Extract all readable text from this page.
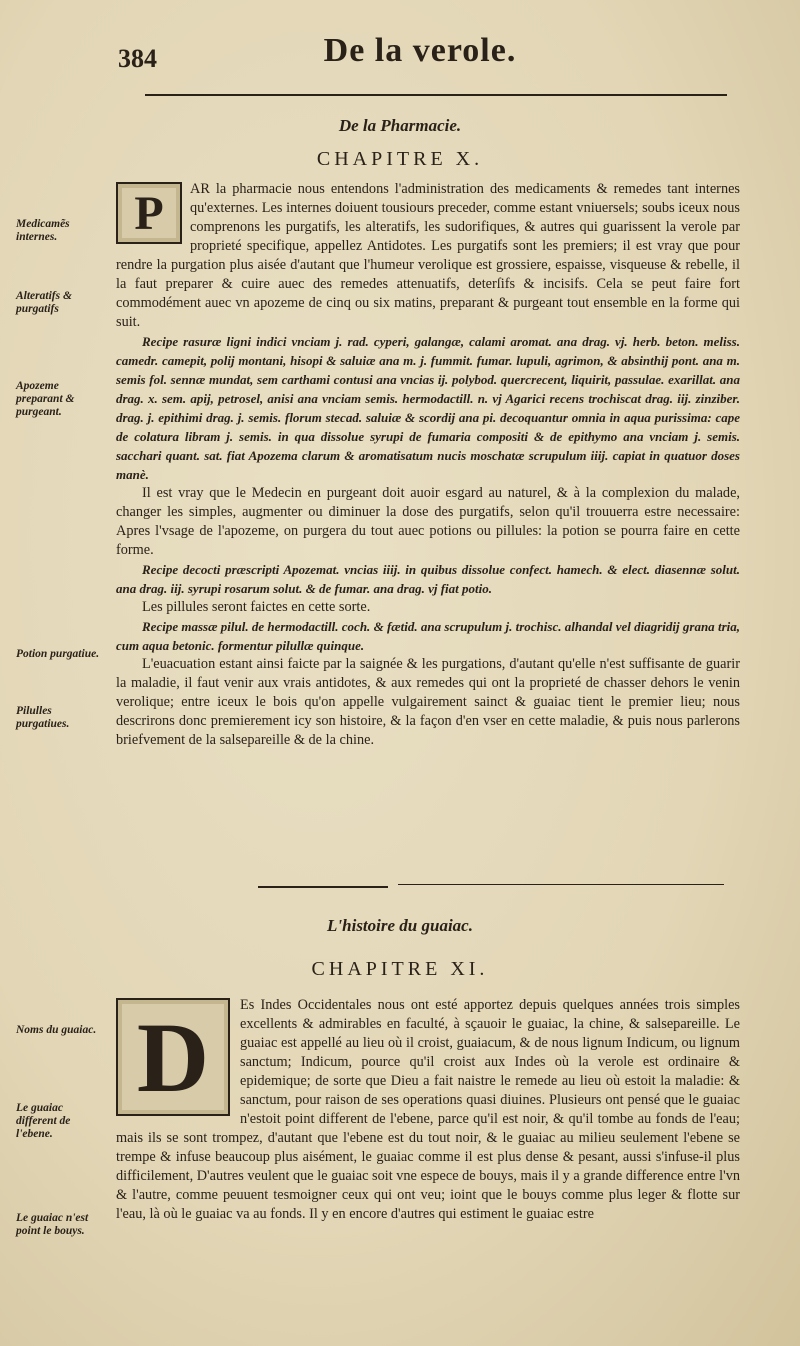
384	De la verole.
De la Pharmacie.
CHAPITRE X.
Medicamẽs internes.
Alteratifs & purgatifs
Apozeme preparant & purgeant.
Potion purgatiue.
Pilulles purgatiues.

P	AR la pharmacie nous entendons l'administration des medicaments & remedes tant internes qu'externes. Les internes doiuent tousiours preceder, comme estant vniuersels; soubs iceux nous comprenons les purgatifs, les alteratifs, les sudorifiques, & autres qui guarissent la verole par proprieté specifique, appellez Antidotes. Les purgatifs sont les premiers; il est vray que pour rendre la purgation plus aisée d'autant que l'humeur verolique est grossiere, espaisse, visqueuse & rebelle, il la faut preparer & cuire auec des remedes attenuatifs, deterſifs & incisifs. Cela se peut faire fort commodément auec vn apozeme de cinq ou six matins, preparant & purgeant tout ensemble en la forme qui suit.

Recipe rasuræ ligni indici vnciam j. rad. cyperi, galangæ, calami aromat. ana drag. vj. herb. beton. meliss. camedr. camepit, polij montani, hisopi & saluiæ ana m. j. fummit. fumar. lupuli, agrimon, & absinthij pont. ana m. semis fol. sennæ mundat, sem carthami contusi ana vncias ij. polybod. quercrecent, liquirit, passulae. exarillat. ana drag. x. sem. apij, petrosel, anisi ana vnciam semis. hermodactill. n. vj Agarici recens trochiscat drag. iij. zinziber. drag. j. epithimi drag. j. semis. florum stecad. saluiæ & scordij ana pi. decoquantur omnia in aqua purissima: cape de colatura libram j. semis. in qua dissolue syrupi de fumaria compositi & de epithymo ana vnciam j. semis. sacchari quant. sat. fiat Apozema clarum & aromatisatum nucis moschatæ scrupulum iiij. capiat in quatuor doses manè.

Il est vray que le Medecin en purgeant doit auoir esgard au naturel, & à la complexion du malade, changer les simples, augmenter ou diminuer la dose des purgatifs, selon qu'il trouuerra estre necessaire: Apres l'vsage de l'apozeme, on purgera du tout auec potions ou pillules: la potion se pourra faire en cette forme.

Recipe decocti præscripti Apozemat. vncias iiij. in quibus dissolue confect. hamech. & elect. diasennæ solut. ana drag. iij. syrupi rosarum solut. & de fumar. ana drag. vj fiat potio.

Les pillules seront faictes en cette sorte.

Recipe massæ pilul. de hermodactill. coch. & fætid. ana scrupulum j. trochisc. alhandal vel diagridij grana tria, cum aqua betonic. formentur pilullæ quinque.

L'euacuation estant ainsi faicte par la saignée & les purgations, d'autant qu'elle n'est suffisante de guarir la maladie, il faut venir aux vrais antidotes, & aux remedes qui ont la proprieté de chasser dehors le venin verolique; entre iceux le bois qu'on appelle vulgairement sainct & guaiac tient le premier lieu; nous descrirons donc premierement icy son histoire, & la façon d'en vser en cette maladie, & puis nous parlerons briefvement de la salsepareille & de la chine.

L'histoire du guaiac.
CHAPITRE XI.
Noms du guaiac.
Le guaiac different de l'ebene.
Le guaiac n'est point le bouys.

D	Es Indes Occidentales nous ont esté apportez depuis quelques années trois simples excellents & admirables en faculté, à sçauoir le guaiac, la chine, & salsepareille. Le guaiac est appellé au lieu où il croist, guaiacum, & de nous lignum Indicum, ou lignum sanctum; Indicum, pource qu'il croist aux Indes où la verole est ordinaire & epidemique; de sorte que Dieu a fait naistre le remede au lieu où estoit la maladie: & sanctum, pour raison de ses operations quasi diuines. Plusieurs ont pensé que le guaiac n'estoit point different de l'ebene, parce qu'il est noir, & qu'il tombe au fonds de l'eau; mais ils se sont trompez, d'autant que l'ebene est du tout noir, & le guaiac au milieu seulement l'ebene se trempe & infuse beaucoup plus aisément, le guaiac comme il est plus dense & pesant, aussi s'infuse-il plus difficilement, D'autres veulent que le guaiac soit vne espece de bouys, mais il y a grande difference entre l'vn & l'autre, comme peuuent tesmoigner ceux qui ont veu; ioint que le bouys comme plus leger & flotte sur l'eau, là où le guaiac va au fonds. Il y en encore d'autres qui estiment le guaiac estre
